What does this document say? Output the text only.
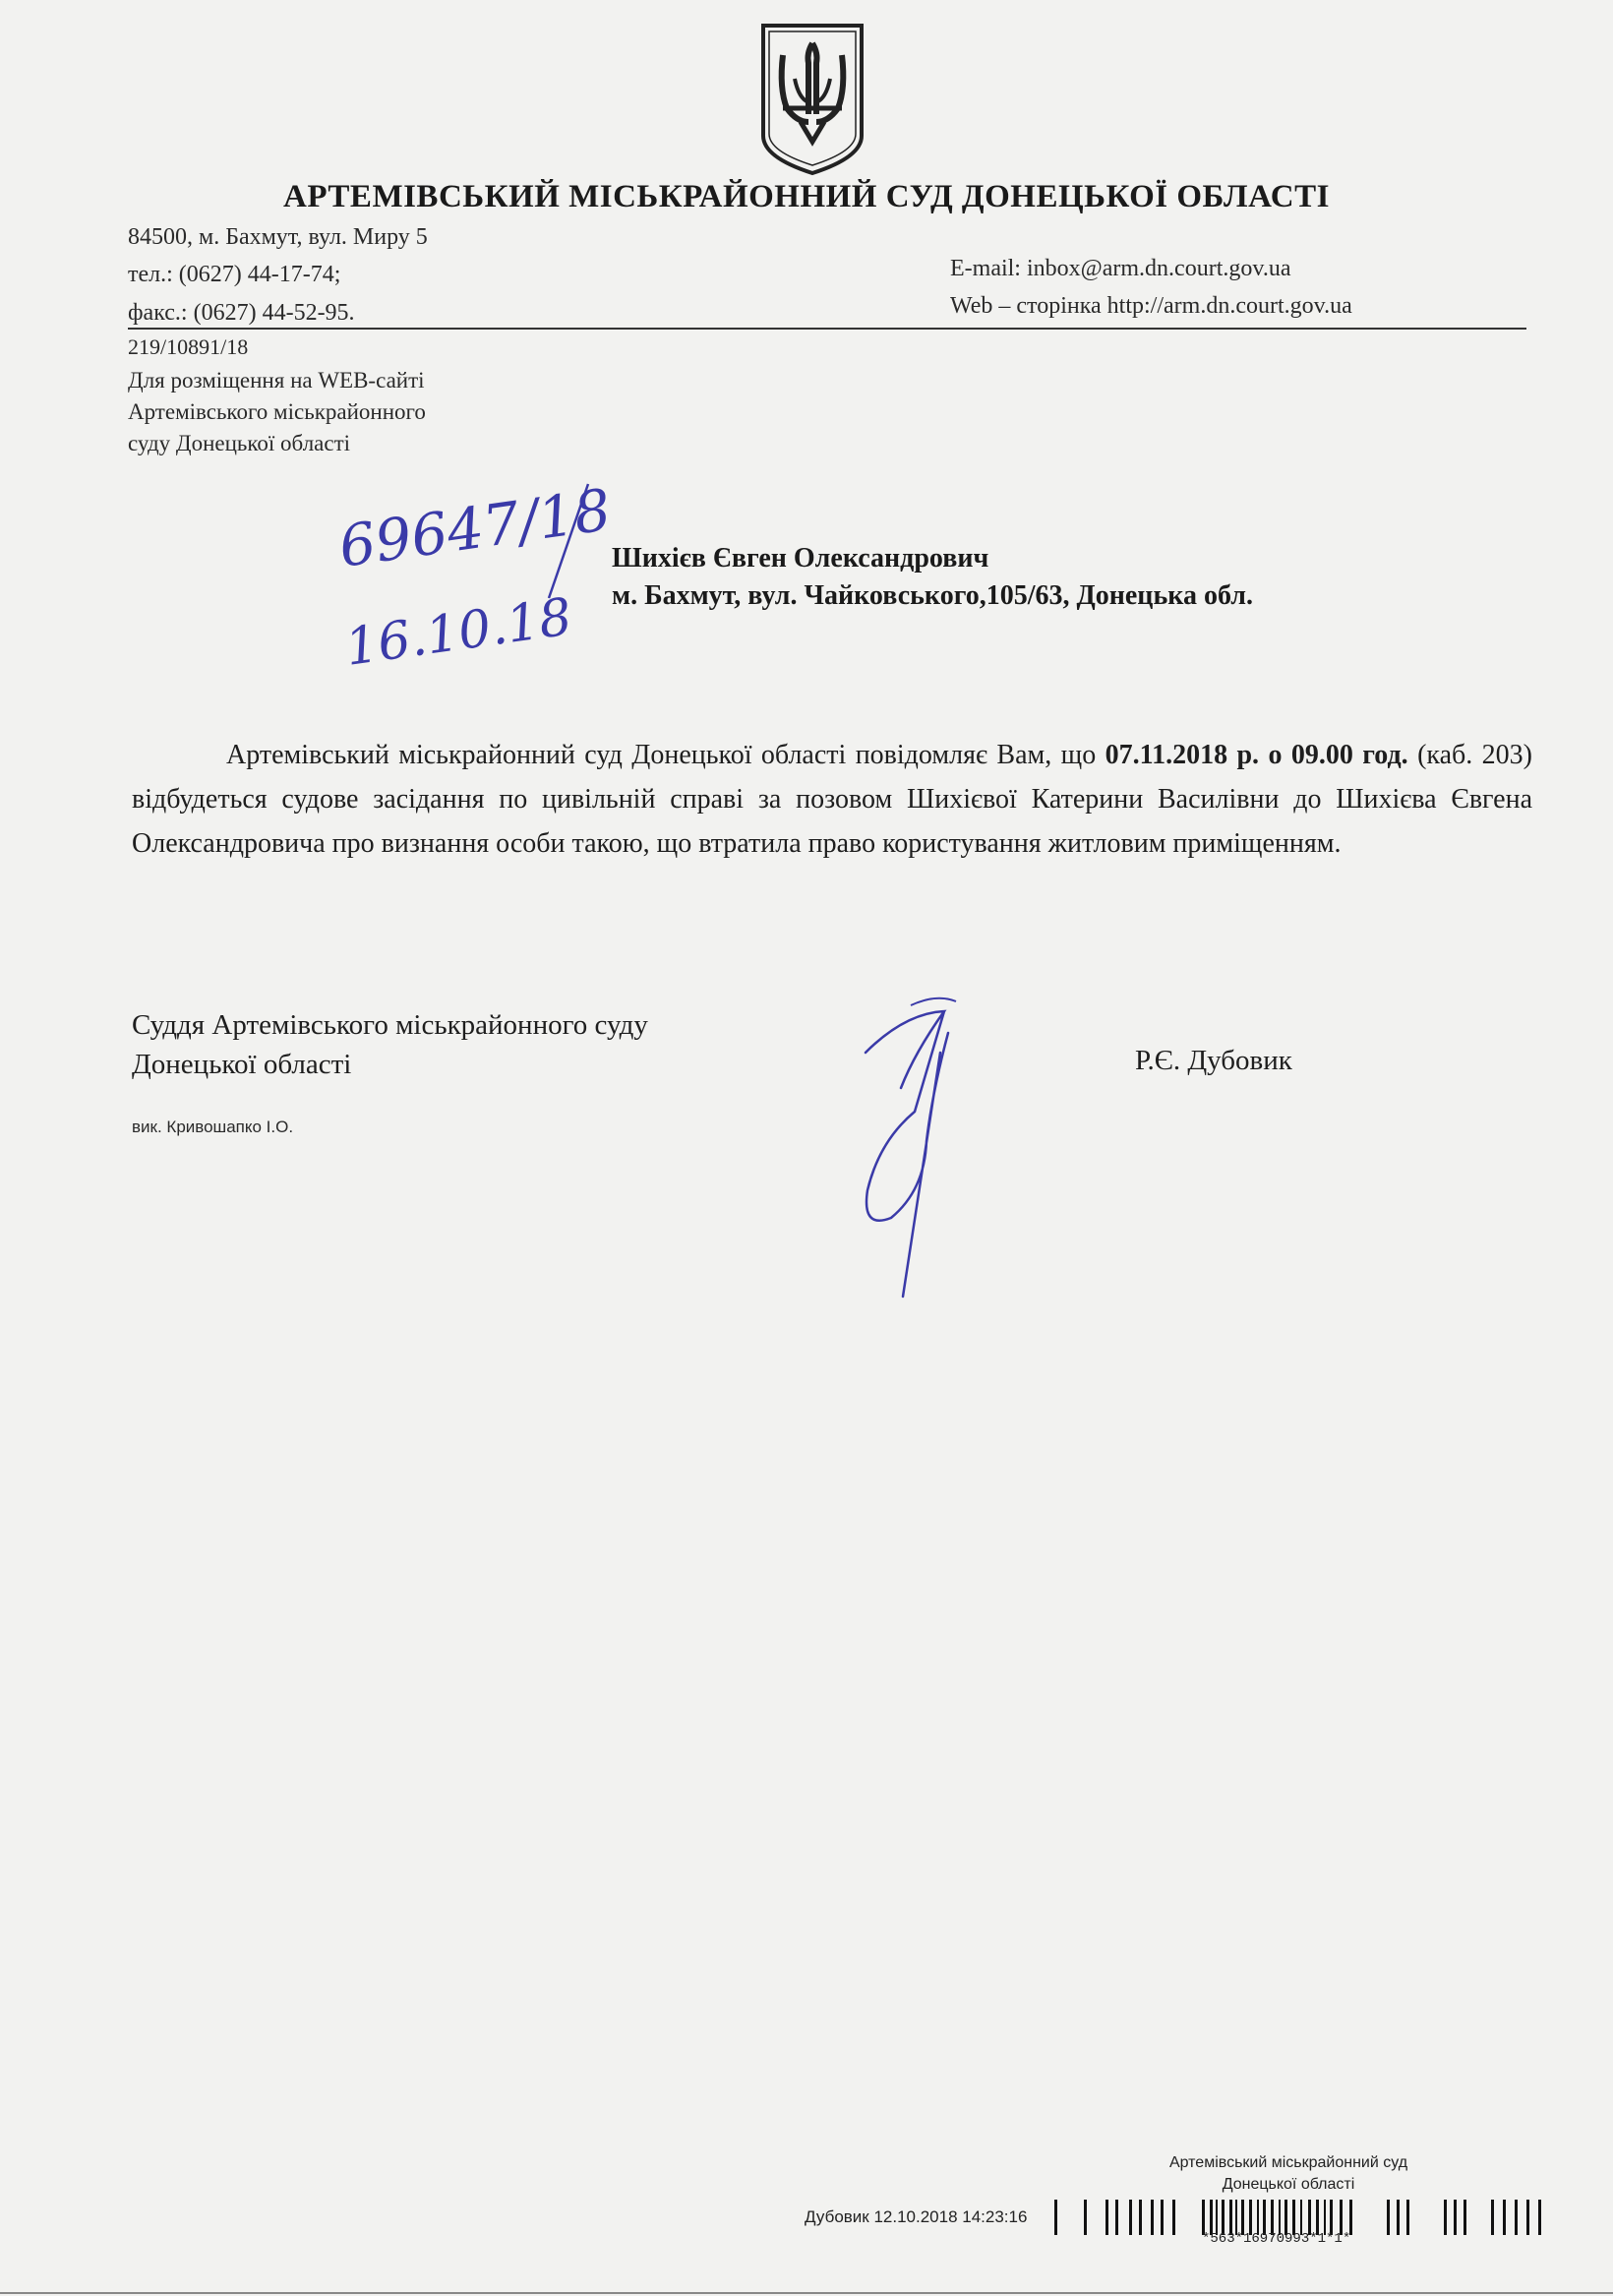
АРТЕМІВСЬКИЙ МІСЬКРАЙОННИЙ СУД ДОНЕЦЬКОЇ ОБЛАСТІ
84500, м. Бахмут, вул. Миру 5
тел.: (0627) 44-17-74;
факс.: (0627) 44-52-95.
E-mail: inbox@arm.dn.court.gov.ua
Web – сторінка http://arm.dn.court.gov.ua
219/10891/18
Для розміщення на WEB-сайті
Артемівського міськрайонного
суду Донецької області
69647/18
16.10.18
Шихієв Євген Олександрович
м. Бахмут, вул. Чайковського,105/63, Донецька обл.

Артемівський міськрайонний суд Донецької області повідомляє Вам, що 07.11.2018 р. о 09.00 год. (каб. 203) відбудеться судове засідання по цивільній справі за позовом Шихієвої Катерини Василівни до Шихієва Євгена Олександровича про визнання особи такою, що втратила право користування житловим приміщенням.

Суддя Артемівського міськрайонного суду
Донецької області	Р.Є. Дубовик
вик. Кривошапко І.О.
Артемівський міськрайонний суд
Донецької області
Дубовик 12.10.2018 14:23:16
*563*16970993*1*1*
